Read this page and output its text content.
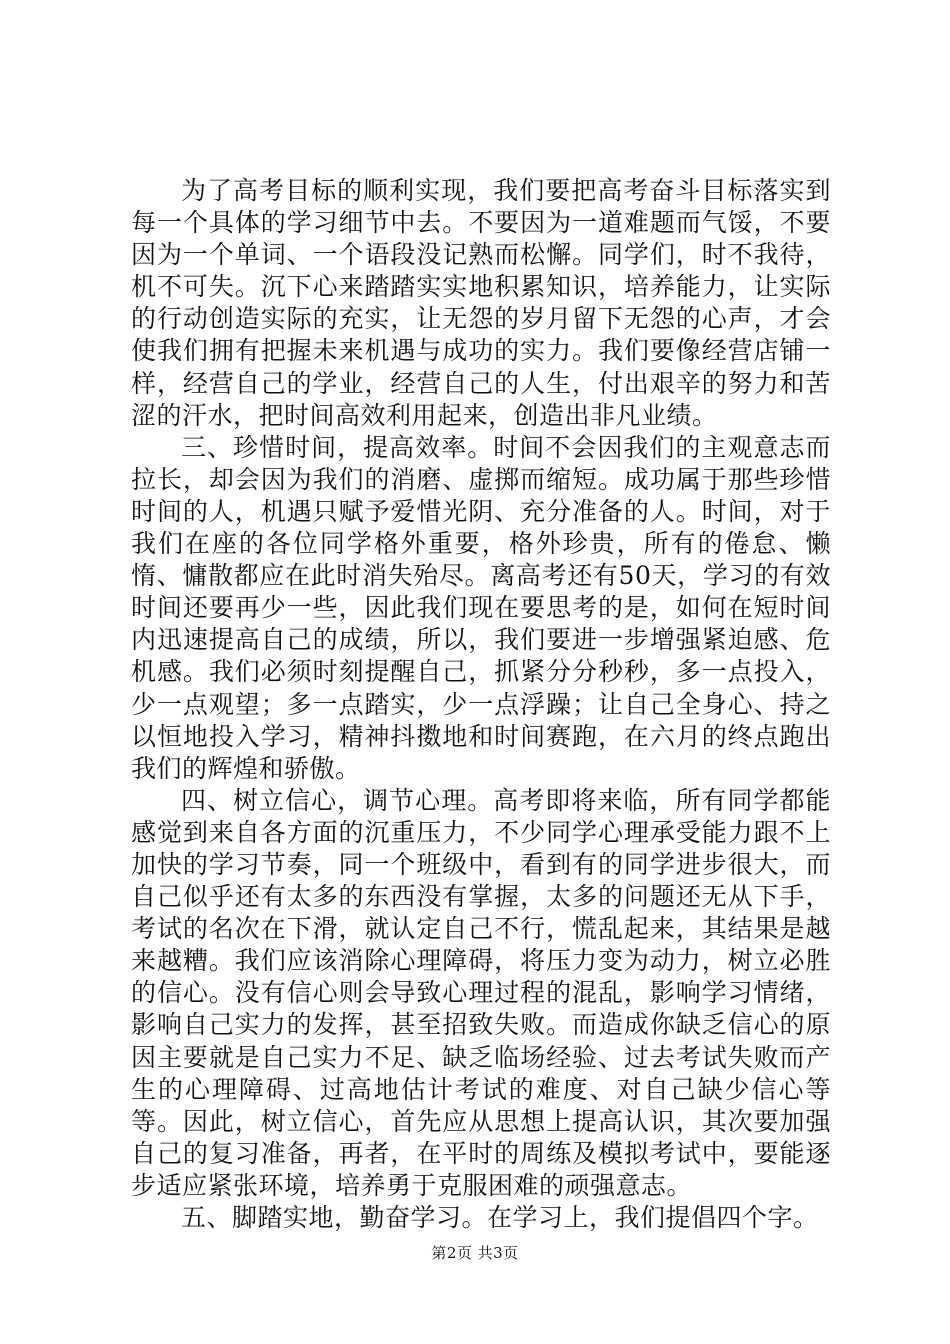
为了高考目标的顺利实现，我们要把高考奋斗目标落实到每一个具体的学习细节中去。不要因为一道难题而气馁，不要因为一个单词、一个语段没记熟而松懈。同学们，时不我待，机不可失。沉下心来踏踏实实地积累知识，培养能力，让实际的行动创造实际的充实，让无怨的岁月留下无怨的心声，才会使我们拥有把握未来机遇与成功的实力。我们要像经营店铺一样，经营自己的学业，经营自己的人生，付出艰辛的努力和苦涩的汗水，把时间高效利用起来，创造出非凡业绩。

三、珍惜时间，提高效率。时间不会因我们的主观意志而拉长，却会因为我们的消磨、虚掷而缩短。成功属于那些珍惜时间的人，机遇只赋予爱惜光阴、充分准备的人。时间，对于我们在座的各位同学格外重要，格外珍贵，所有的倦怠、懒惰、慵散都应在此时消失殆尽。离高考还有50天，学习的有效时间还要再少一些，因此我们现在要思考的是，如何在短时间内迅速提高自己的成绩，所以，我们要进一步增强紧迫感、危机感。我们必须时刻提醒自己，抓紧分分秒秒，多一点投入，少一点观望；多一点踏实，少一点浮躁；让自己全身心、持之以恒地投入学习，精神抖擞地和时间赛跑，在六月的终点跑出我们的辉煌和骄傲。

四、树立信心，调节心理。高考即将来临，所有同学都能感觉到来自各方面的沉重压力，不少同学心理承受能力跟不上加快的学习节奏，同一个班级中，看到有的同学进步很大，而自己似乎还有太多的东西没有掌握，太多的问题还无从下手，考试的名次在下滑，就认定自己不行，慌乱起来，其结果是越来越糟。我们应该消除心理障碍，将压力变为动力，树立必胜的信心。没有信心则会导致心理过程的混乱，影响学习情绪，影响自己实力的发挥，甚至招致失败。而造成你缺乏信心的原因主要就是自己实力不足、缺乏临场经验、过去考试失败而产生的心理障碍、过高地估计考试的难度、对自己缺少信心等等。因此，树立信心，首先应从思想上提高认识，其次要加强自己的复习准备，再者，在平时的周练及模拟考试中，要能逐步适应紧张环境，培养勇于克服困难的顽强意志。

五、脚踏实地，勤奋学习。在学习上，我们提倡四个字。

第2页 共3页
